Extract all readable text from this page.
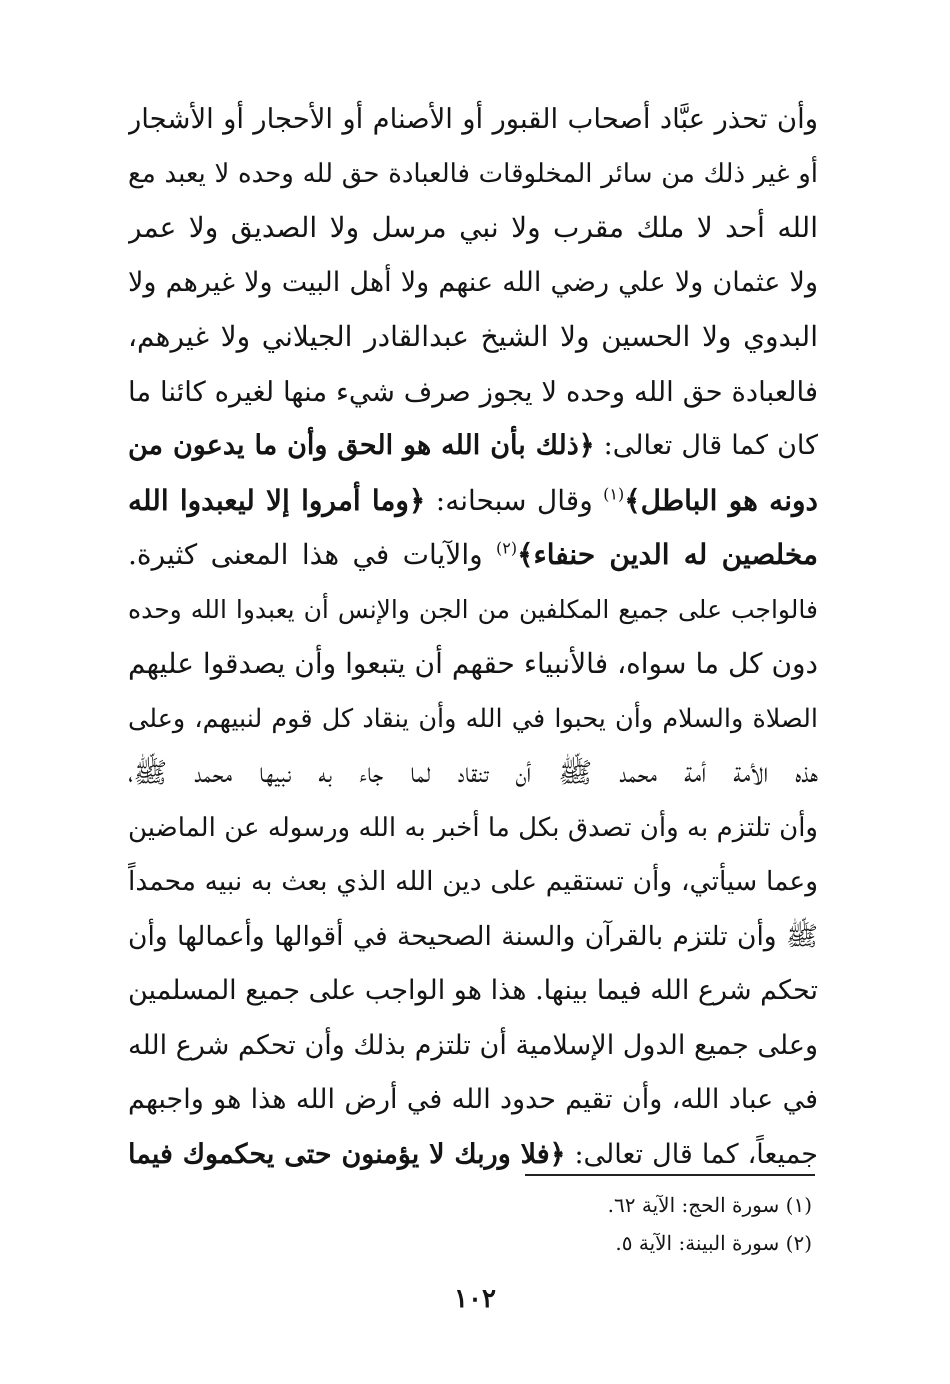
وأن تحذر عبَّاد أصحاب القبور أو الأصنام أو الأحجار أو الأشجار
أو غير ذلك من سائر المخلوقات فالعبادة حق لله وحده لا يعبد مع
الله أحد لا ملك مقرب ولا نبي مرسل ولا الصديق ولا عمر
ولا عثمان ولا علي رضي الله عنهم ولا أهل البيت ولا غيرهم ولا
البدوي ولا الحسين ولا الشيخ عبدالقادر الجيلاني ولا غيرهم،
فالعبادة حق الله وحده لا يجوز صرف شيء منها لغيره كائنا ما
كان كما قال تعالى: ﴿ذلك بأن الله هو الحق وأن ما يدعون من
دونه هو الباطل﴾$^{(١)}$ وقال سبحانه: ﴿وما أمروا إلا ليعبدوا الله
مخلصين له الدين حنفاء﴾$^{(٢)}$ والآيات في هذا المعنى كثيرة.
فالواجب على جميع المكلفين من الجن والإنس أن يعبدوا الله وحده
دون كل ما سواه، فالأنبياء حقهم أن يتبعوا وأن يصدقوا عليهم
الصلاة والسلام وأن يحبوا في الله وأن ينقاد كل قوم لنبيهم، وعلى
هذه الأمة أمة محمد ﷺ أن تنقاد لما جاء به نبيها محمد ﷺ،
وأن تلتزم به وأن تصدق بكل ما أخبر به الله ورسوله عن الماضين
وعما سيأتي، وأن تستقيم على دين الله الذي بعث به نبيه محمداً
ﷺ وأن تلتزم بالقرآن والسنة الصحيحة في أقوالها وأعمالها وأن
تحكم شرع الله فيما بينها. هذا هو الواجب على جميع المسلمين
وعلى جميع الدول الإسلامية أن تلتزم بذلك وأن تحكم شرع الله
في عباد الله، وأن تقيم حدود الله في أرض الله هذا هو واجبهم
جميعاً، كما قال تعالى: ﴿فلا وربك لا يؤمنون حتى يحكموك فيما
(١) سورة الحج: الآية ٦٢.
(٢) سورة البينة: الآية ٥.
١٠٢
